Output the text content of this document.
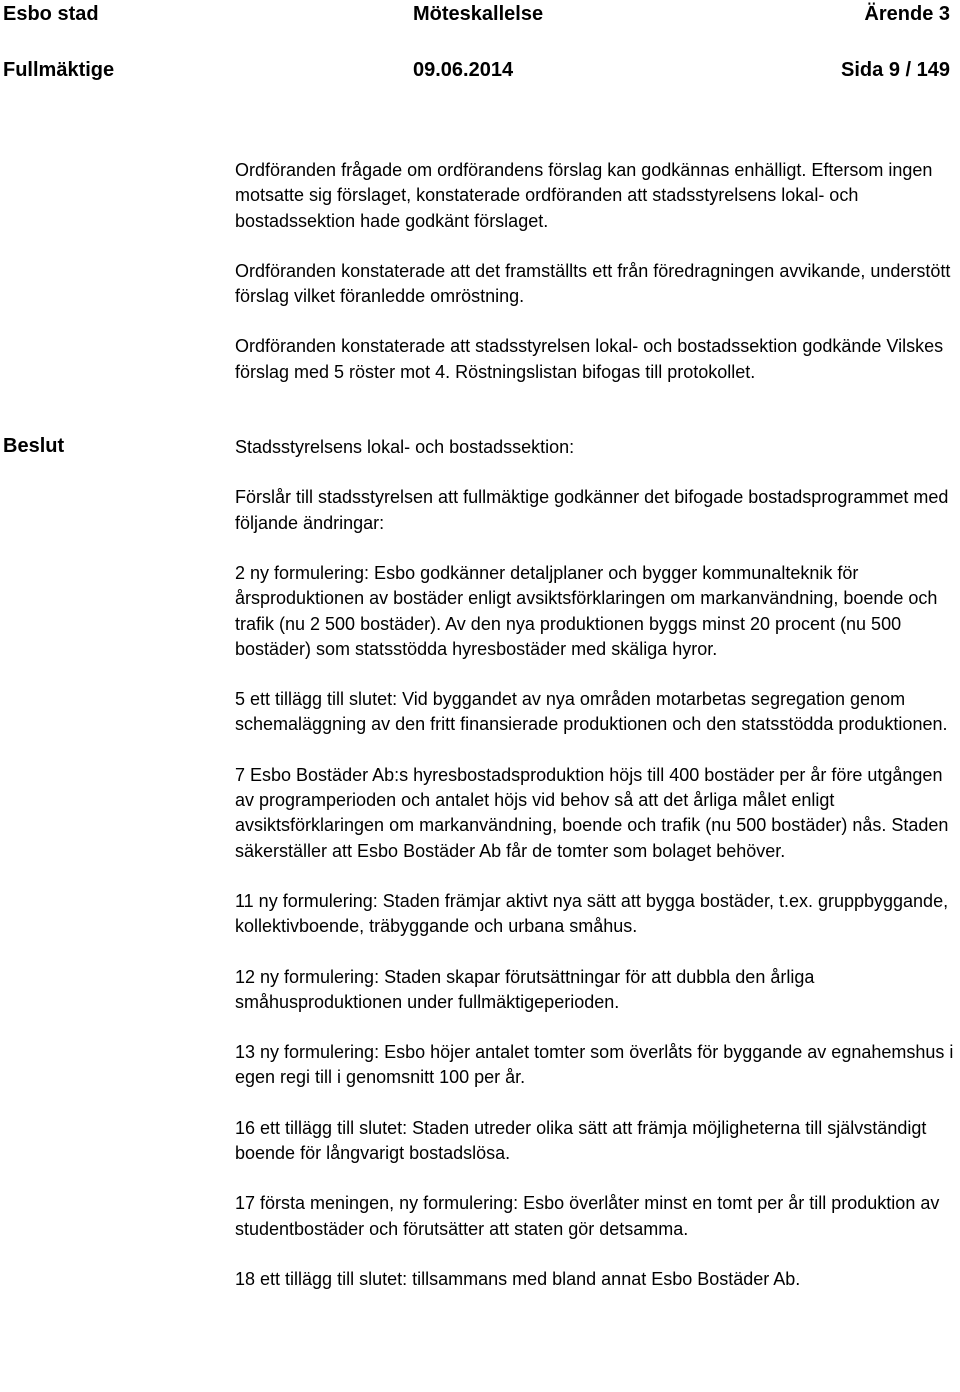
Esbo stad	Möteskallelse	Ärende 3
Fullmäktige	09.06.2014	Sida 9 / 149
Beslut

Ordföranden frågade om ordförandens förslag kan godkännas enhälligt. Eftersom ingen motsatte sig förslaget, konstaterade ordföranden att stadsstyrelsens lokal- och bostadssektion hade godkänt förslaget.

Ordföranden konstaterade att det framställts ett från föredragningen avvikande, understött förslag vilket föranledde omröstning.

Ordföranden konstaterade att stadsstyrelsen lokal- och bostadssektion godkände Vilskes förslag med 5 röster mot 4. Röstningslistan bifogas till protokollet.

Stadsstyrelsens lokal- och bostadssektion:

Förslår till stadsstyrelsen att fullmäktige godkänner det bifogade bostadsprogrammet med följande ändringar:

2 ny formulering: Esbo godkänner detaljplaner och bygger kommunalteknik för årsproduktionen av bostäder enligt avsiktsförklaringen om markanvändning, boende och trafik (nu 2 500 bostäder). Av den nya produktionen byggs minst 20 procent (nu 500 bostäder) som statsstödda hyresbostäder med skäliga hyror.

5 ett tillägg till slutet: Vid byggandet av nya områden motarbetas segregation genom schemaläggning av den fritt finansierade produktionen och den statsstödda produktionen.

7 Esbo Bostäder Ab:s hyresbostadsproduktion höjs till 400 bostäder per år före utgången av programperioden och antalet höjs vid behov så att det årliga målet enligt avsiktsförklaringen om markanvändning, boende och trafik (nu 500 bostäder) nås. Staden säkerställer att Esbo Bostäder Ab får de tomter som bolaget behöver.

11 ny formulering: Staden främjar aktivt nya sätt att bygga bostäder, t.ex. gruppbyggande, kollektivboende, träbyggande och urbana småhus.

12 ny formulering: Staden skapar förutsättningar för att dubbla den årliga småhusproduktionen under fullmäktigeperioden.

13 ny formulering: Esbo höjer antalet tomter som överlåts för byggande av egnahemshus i egen regi till i genomsnitt 100 per år.

16 ett tillägg till slutet: Staden utreder olika sätt att främja möjligheterna till självständigt boende för långvarigt bostadslösa.

17 första meningen, ny formulering: Esbo överlåter minst en tomt per år till produktion av studentbostäder och förutsätter att staten gör detsamma.

18 ett tillägg till slutet: tillsammans med bland annat Esbo Bostäder Ab.
